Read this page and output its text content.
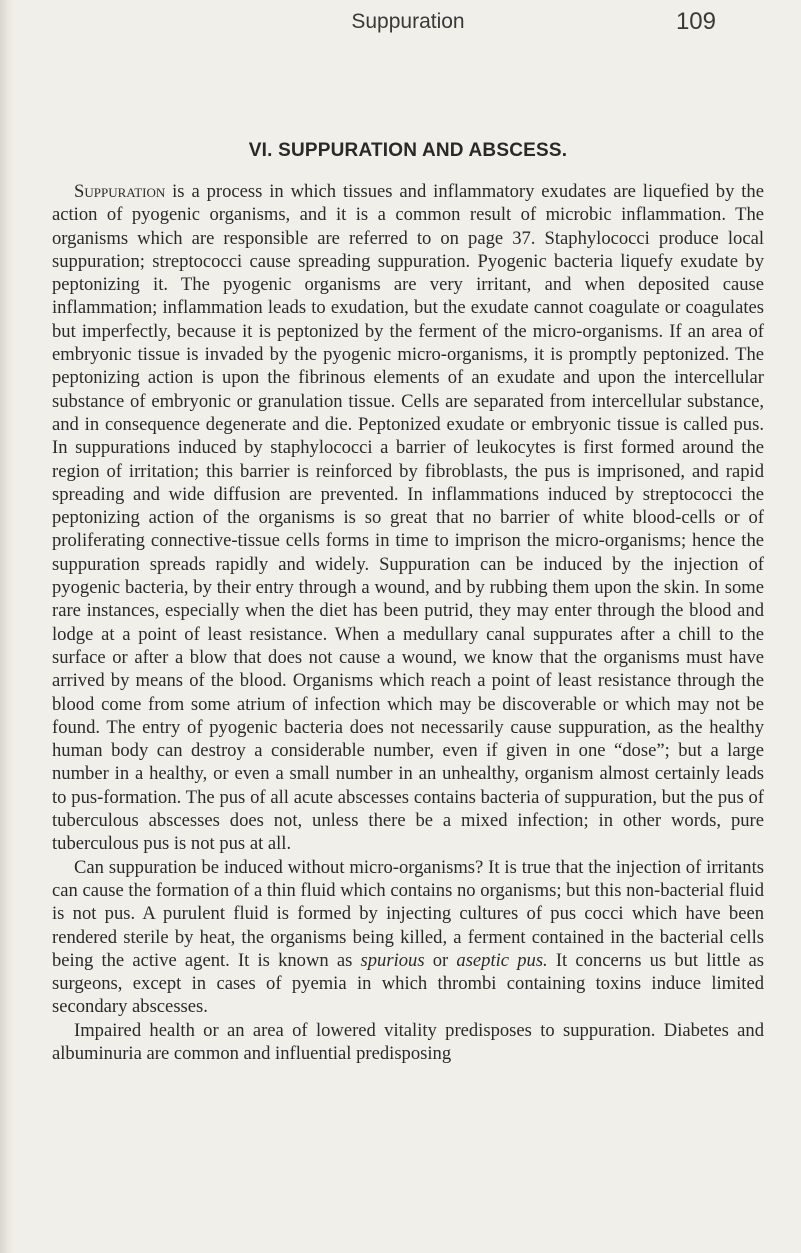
Suppuration	109
VI. SUPPURATION AND ABSCESS.

Suppuration is a process in which tissues and inflammatory exudates are liquefied by the action of pyogenic organisms, and it is a common result of microbic inflammation. The organisms which are responsible are referred to on page 37. Staphylococci produce local suppuration; streptococci cause spreading suppuration. Pyogenic bacteria liquefy exudate by peptonizing it. The pyogenic organisms are very irritant, and when deposited cause inflammation; inflammation leads to exudation, but the exudate cannot coagulate or coagulates but imperfectly, because it is peptonized by the ferment of the micro-organisms. If an area of embryonic tissue is invaded by the pyogenic micro-organisms, it is promptly peptonized. The peptonizing action is upon the fibrinous elements of an exudate and upon the intercellular substance of embryonic or granulation tissue. Cells are separated from intercellular substance, and in consequence degenerate and die. Peptonized exudate or embryonic tissue is called pus. In suppurations induced by staphylococci a barrier of leukocytes is first formed around the region of irritation; this barrier is reinforced by fibroblasts, the pus is imprisoned, and rapid spreading and wide diffusion are prevented. In inflammations induced by streptococci the peptonizing action of the organisms is so great that no barrier of white blood-cells or of proliferating connective-tissue cells forms in time to imprison the micro-organisms; hence the suppuration spreads rapidly and widely. Suppuration can be induced by the injection of pyogenic bacteria, by their entry through a wound, and by rubbing them upon the skin. In some rare instances, especially when the diet has been putrid, they may enter through the blood and lodge at a point of least resistance. When a medullary canal suppurates after a chill to the surface or after a blow that does not cause a wound, we know that the organisms must have arrived by means of the blood. Organisms which reach a point of least resistance through the blood come from some atrium of infection which may be discoverable or which may not be found. The entry of pyogenic bacteria does not necessarily cause suppuration, as the healthy human body can destroy a considerable number, even if given in one “dose”; but a large number in a healthy, or even a small number in an unhealthy, organism almost certainly leads to pus-formation. The pus of all acute abscesses contains bacteria of suppuration, but the pus of tuberculous abscesses does not, unless there be a mixed infection; in other words, pure tuberculous pus is not pus at all.

Can suppuration be induced without micro-organisms? It is true that the injection of irritants can cause the formation of a thin fluid which contains no organisms; but this non-bacterial fluid is not pus. A purulent fluid is formed by injecting cultures of pus cocci which have been rendered sterile by heat, the organisms being killed, a ferment contained in the bacterial cells being the active agent. It is known as spurious or aseptic pus. It concerns us but little as surgeons, except in cases of pyemia in which thrombi containing toxins induce limited secondary abscesses.

Impaired health or an area of lowered vitality predisposes to suppuration. Diabetes and albuminuria are common and influential predisposing
